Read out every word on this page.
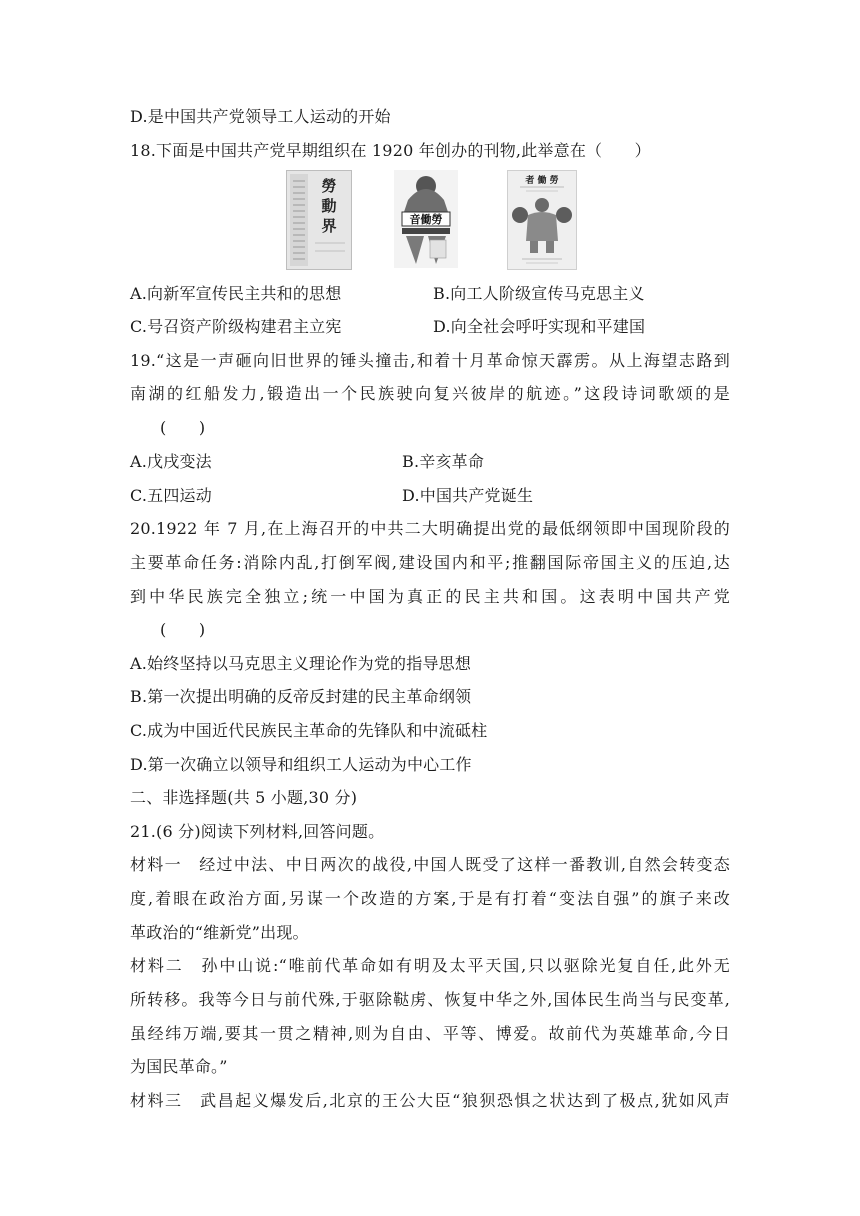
D.是中国共产党领导工人运动的开始
18.下面是中国共产党早期组织在 1920 年创办的刊物,此举意在（　　）
勞
動
界	音働勞
者 働 勞
A.向新军宣传民主共和的思想	B.向工人阶级宣传马克思主义
C.号召资产阶级构建君主立宪	D.向全社会呼吁实现和平建国
19.“这是一声砸向旧世界的锤头撞击,和着十月革命惊天霹雳。从上海望志路到
南湖的红船发力,锻造出一个民族驶向复兴彼岸的航迹。”这段诗词歌颂的是
(　　)
A.戊戌变法	B.辛亥革命
C.五四运动	D.中国共产党诞生
20.1922 年 7 月,在上海召开的中共二大明确提出党的最低纲领即中国现阶段的
主要革命任务:消除内乱,打倒军阀,建设国内和平;推翻国际帝国主义的压迫,达
到中华民族完全独立;统一中国为真正的民主共和国。这表明中国共产党
(　　)
A.始终坚持以马克思主义理论作为党的指导思想
B.第一次提出明确的反帝反封建的民主革命纲领
C.成为中国近代民族民主革命的先锋队和中流砥柱
D.第一次确立以领导和组织工人运动为中心工作
二、非选择题(共 5 小题,30 分)
21.(6 分)阅读下列材料,回答问题。
材料一　经过中法、中日两次的战役,中国人既受了这样一番教训,自然会转变态
度,着眼在政治方面,另谋一个改造的方案,于是有打着“变法自强”的旗子来改
革政治的“维新党”出现。
材料二　孙中山说:“唯前代革命如有明及太平天国,只以驱除光复自任,此外无
所转移。我等今日与前代殊,于驱除鞑虏、恢复中华之外,国体民生尚当与民变革,
虽经纬万端,要其一贯之精神,则为自由、平等、博爱。故前代为英雄革命,今日
为国民革命。”
材料三　武昌起义爆发后,北京的王公大臣“狼狈恐惧之状达到了极点,犹如风声
